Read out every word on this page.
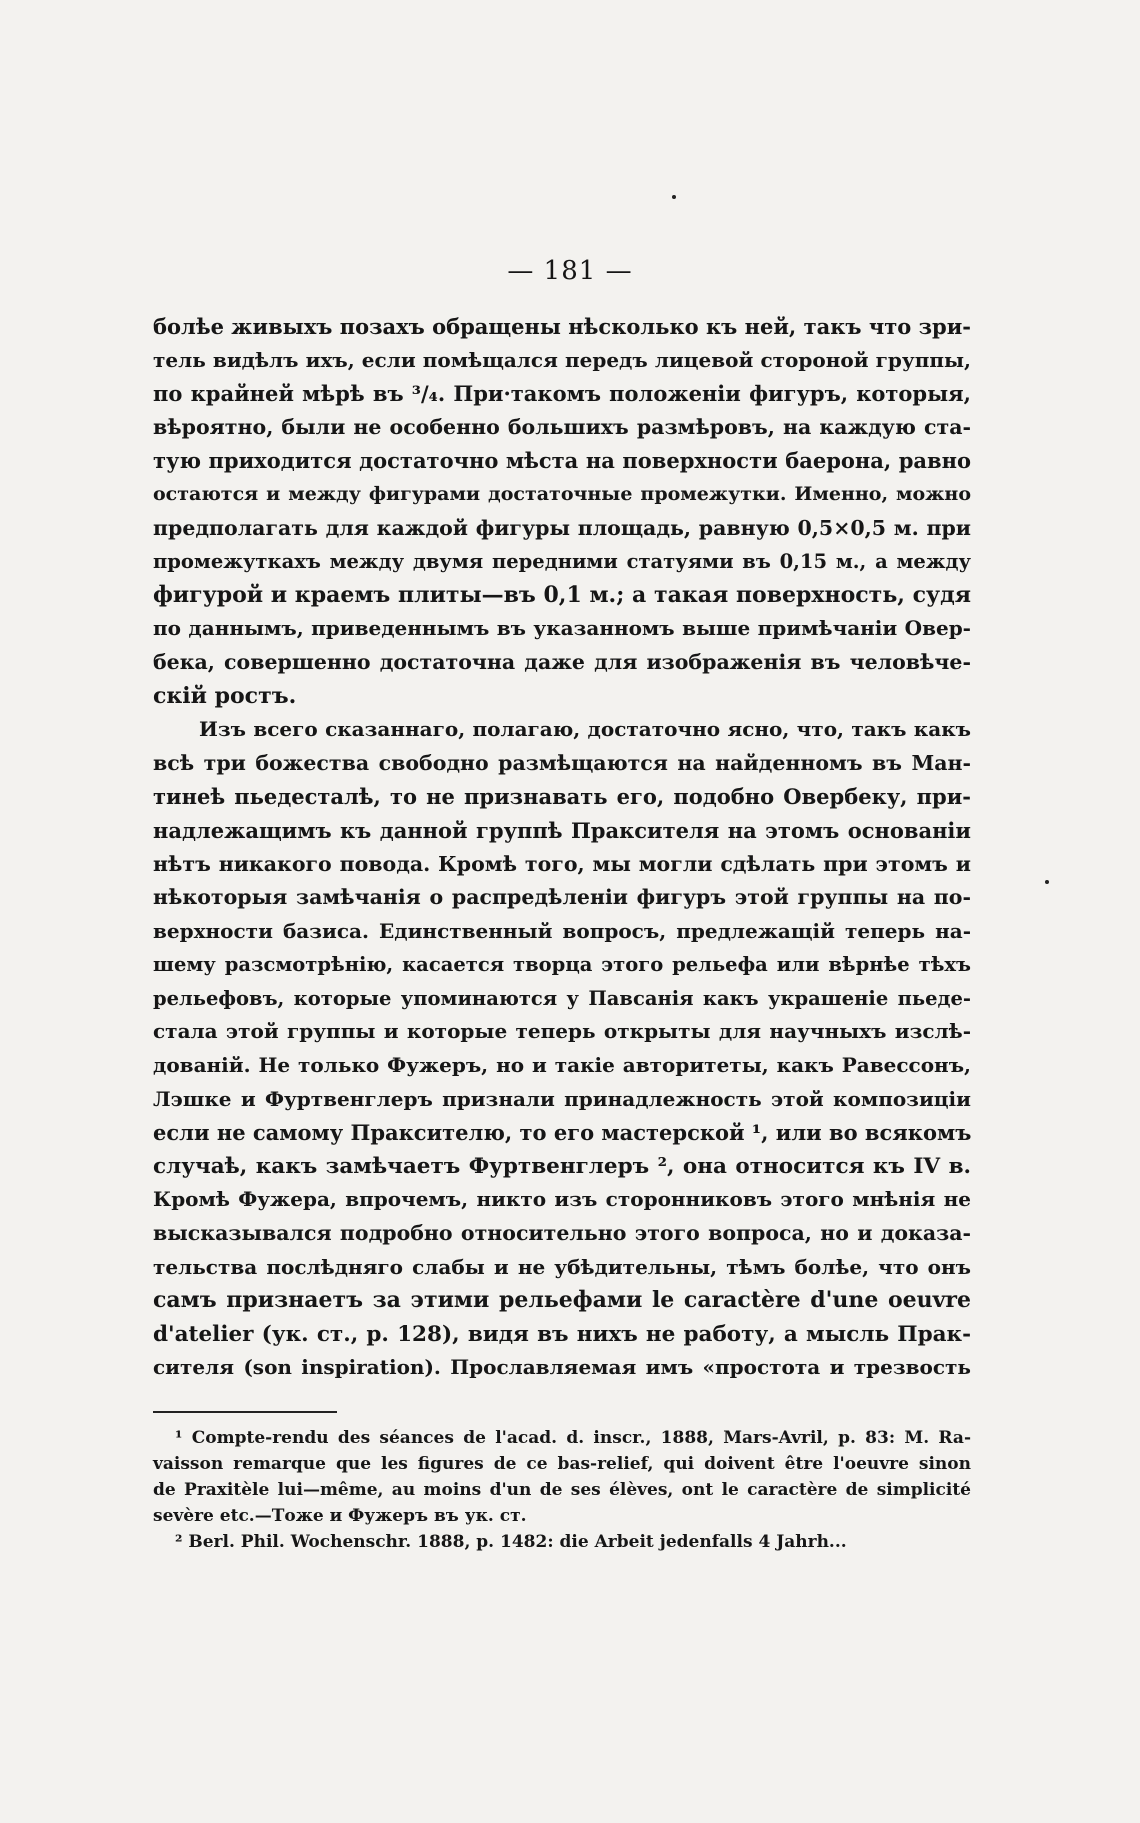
— 181 —
болѣе живыхъ позахъ обращены нѣсколько къ ней, такъ что зри-
тель видѣлъ ихъ, если помѣщался передъ лицевой стороной группы,
по крайней мѣрѣ въ ³/₄. При·такомъ положеніи фигуръ, которыя,
вѣроятно, были не особенно большихъ размѣровъ, на каждую ста-
тую приходится достаточно мѣста на поверхности баерона, равно
остаются и между фигурами достаточные промежутки. Именно, можно
предполагать для каждой фигуры площадь, равную 0,5×0,5 м. при
промежуткахъ между двумя передними статуями въ 0,15 м., а между
фигурой и краемъ плиты—въ 0,1 м.; а такая поверхность, судя
по даннымъ, приведеннымъ въ указанномъ выше примѣчаніи Овер-
бека, совершенно достаточна даже для изображенія въ человѣче-
скій ростъ.
Изъ всего сказаннаго, полагаю, достаточно ясно, что, такъ какъ
всѣ три божества свободно размѣщаются на найденномъ въ Ман-
тинеѣ пьедесталѣ, то не признавать его, подобно Овербеку, при-
надлежащимъ къ данной группѣ Праксителя на этомъ основаніи
нѣтъ никакого повода. Кромѣ того, мы могли сдѣлать при этомъ и
нѣкоторыя замѣчанія о распредѣленіи фигуръ этой группы на по-
верхности базиса. Единственный вопросъ, предлежащій теперь на-
шему разсмотрѣнію, касается творца этого рельефа или вѣрнѣе тѣхъ
рельефовъ, которые упоминаются у Павсанія какъ украшеніе пьеде-
стала этой группы и которые теперь открыты для научныхъ изслѣ-
дованій. Не только Фужеръ, но и такіе авторитеты, какъ Равессонъ,
Лэшке и Фуртвенглеръ признали принадлежность этой композиціи
если не самому Праксителю, то его мастерской ¹, или во всякомъ
случаѣ, какъ замѣчаетъ Фуртвенглеръ ², она относится къ IV в.
Кромѣ Фужера, впрочемъ, никто изъ сторонниковъ этого мнѣнія не
высказывался подробно относительно этого вопроса, но и доказа-
тельства послѣдняго слабы и не убѣдительны, тѣмъ болѣе, что онъ
самъ признаетъ за этими рельефами le caractère d'une oeuvre
d'atelier (ук. ст., р. 128), видя въ нихъ не работу, а мысль Прак-
сителя (son inspiration). Прославляемая имъ «простота и трезвость
¹ Compte-rendu des séances de l'acad. d. inscr., 1888, Mars-Avril, p. 83: M. Ra-
vaisson remarque que les figures de ce bas-relief, qui doivent être l'oeuvre sinon
de Praxitèle lui—même, au moins d'un de ses élèves, ont le caractère de simplicité
sevère etc.—Тоже и Фужеръ въ ук. ст.
² Berl. Phil. Wochenschr. 1888, p. 1482: die Arbeit jedenfalls 4 Jahrh...
